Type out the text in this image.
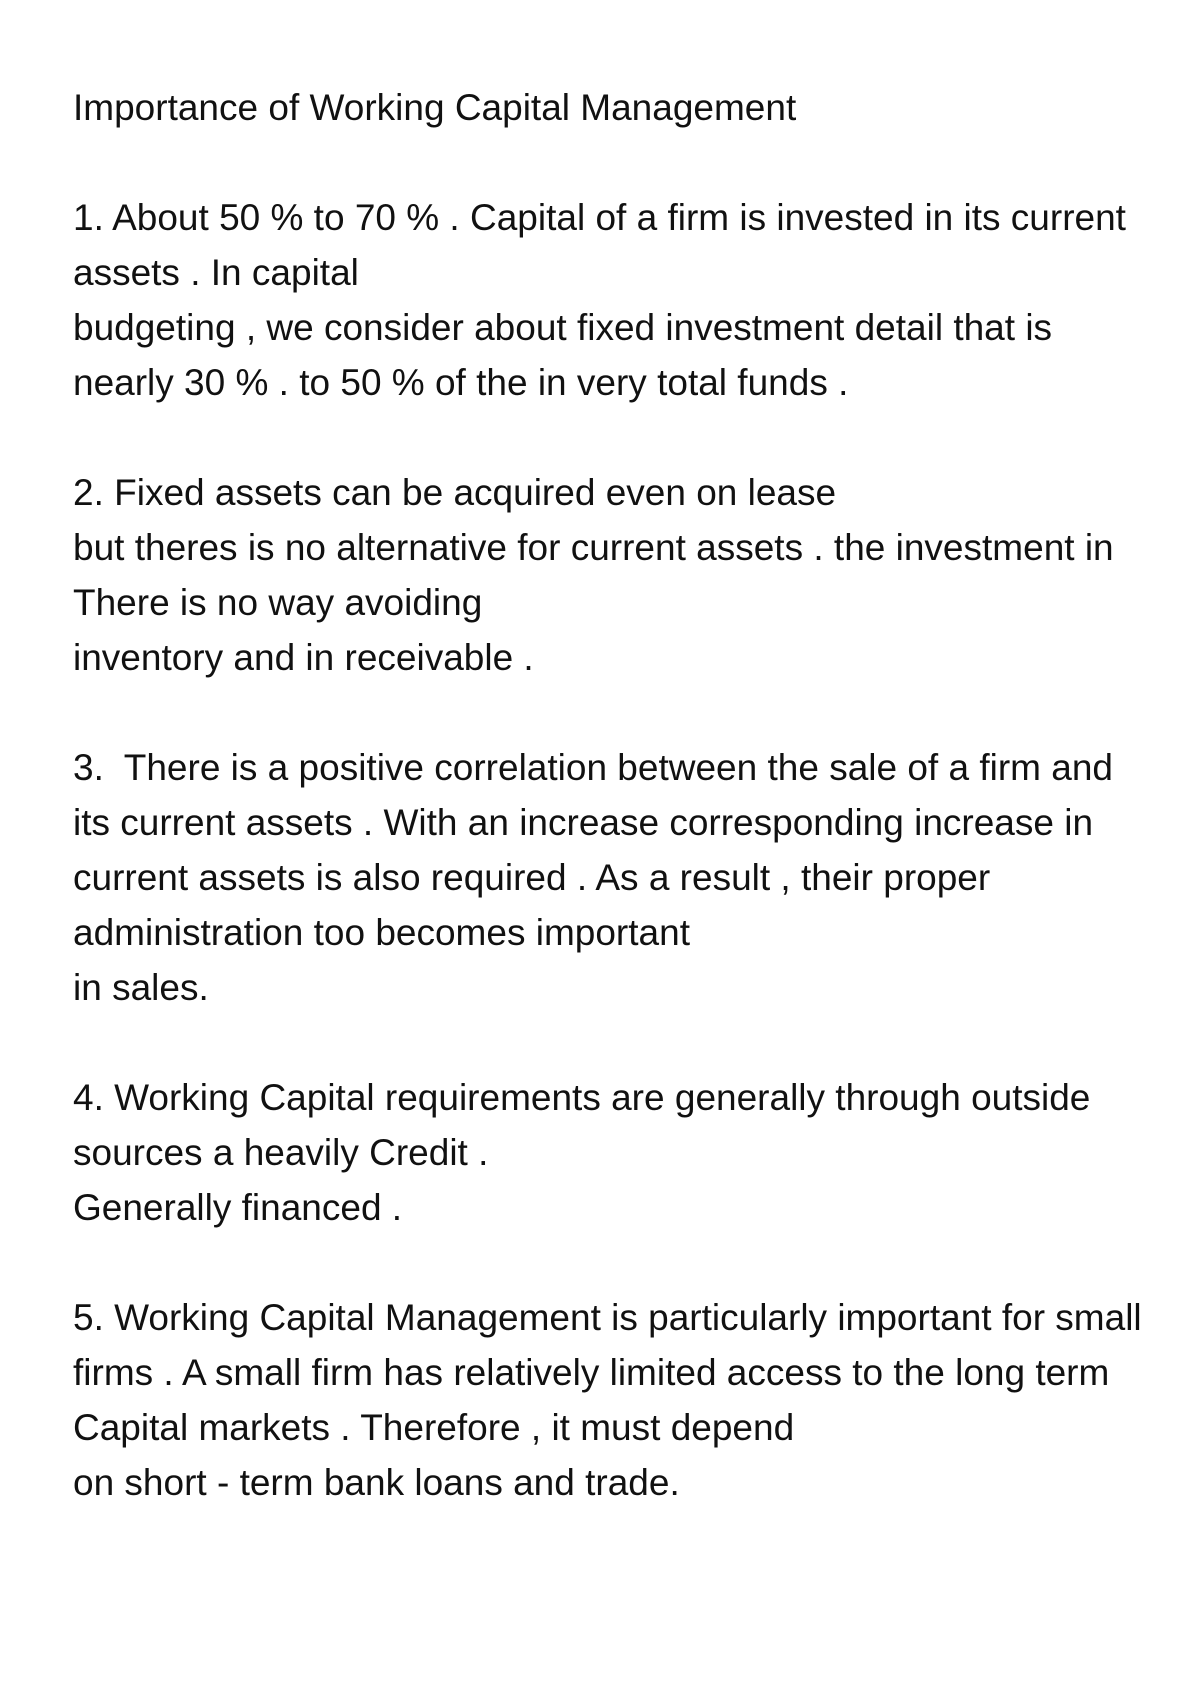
Importance of Working Capital Management
1. About 50 % to 70 % . Capital of a firm is invested in its current
assets . In capital
budgeting , we consider about fixed investment detail that is
nearly 30 % . to 50 % of the in very total funds .
2. Fixed assets can be acquired even on lease
but theres is no alternative for current assets . the investment in
There is no way avoiding
inventory and in receivable .
3.  There is a positive correlation between the sale of a firm and
its current assets . With an increase corresponding increase in
current assets is also required . As a result , their proper
administration too becomes important
in sales.
4. Working Capital requirements are generally through outside
sources a heavily Credit .
Generally financed .
5. Working Capital Management is particularly important for small
firms . A small firm has relatively limited access to the long term
Capital markets . Therefore , it must depend
on short - term bank loans and trade.
